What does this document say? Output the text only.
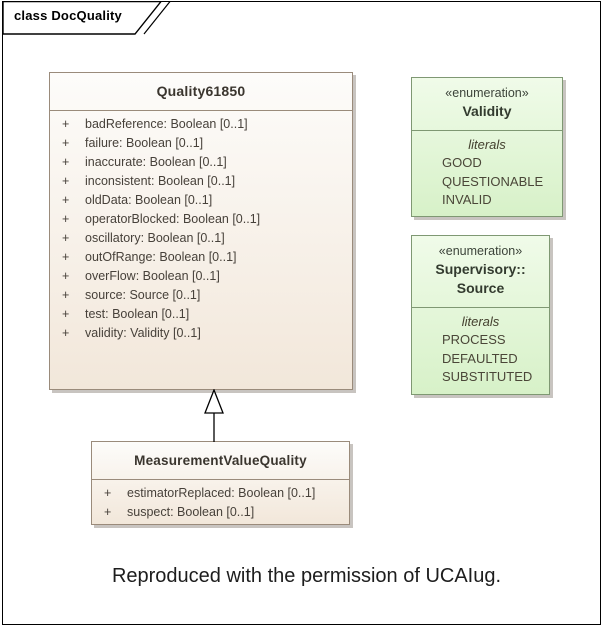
class DocQuality
Quality61850
+	badReference: Boolean [0..1]
+	failure: Boolean [0..1]
+	inaccurate: Boolean [0..1]
+	inconsistent: Boolean [0..1]
+	oldData: Boolean [0..1]
+	operatorBlocked: Boolean [0..1]
+	oscillatory: Boolean [0..1]
+	outOfRange: Boolean [0..1]
+	overFlow: Boolean [0..1]
+	source: Source [0..1]
+	test: Boolean [0..1]
+	validity: Validity [0..1]
«enumeration»
Validity
literals
GOOD
QUESTIONABLE
INVALID
«enumeration»
Supervisory::
Source
literals
PROCESS
DEFAULTED
SUBSTITUTED
MeasurementValueQuality
+	estimatorReplaced: Boolean [0..1]
+	suspect: Boolean [0..1]
Reproduced with the permission of UCAIug.
